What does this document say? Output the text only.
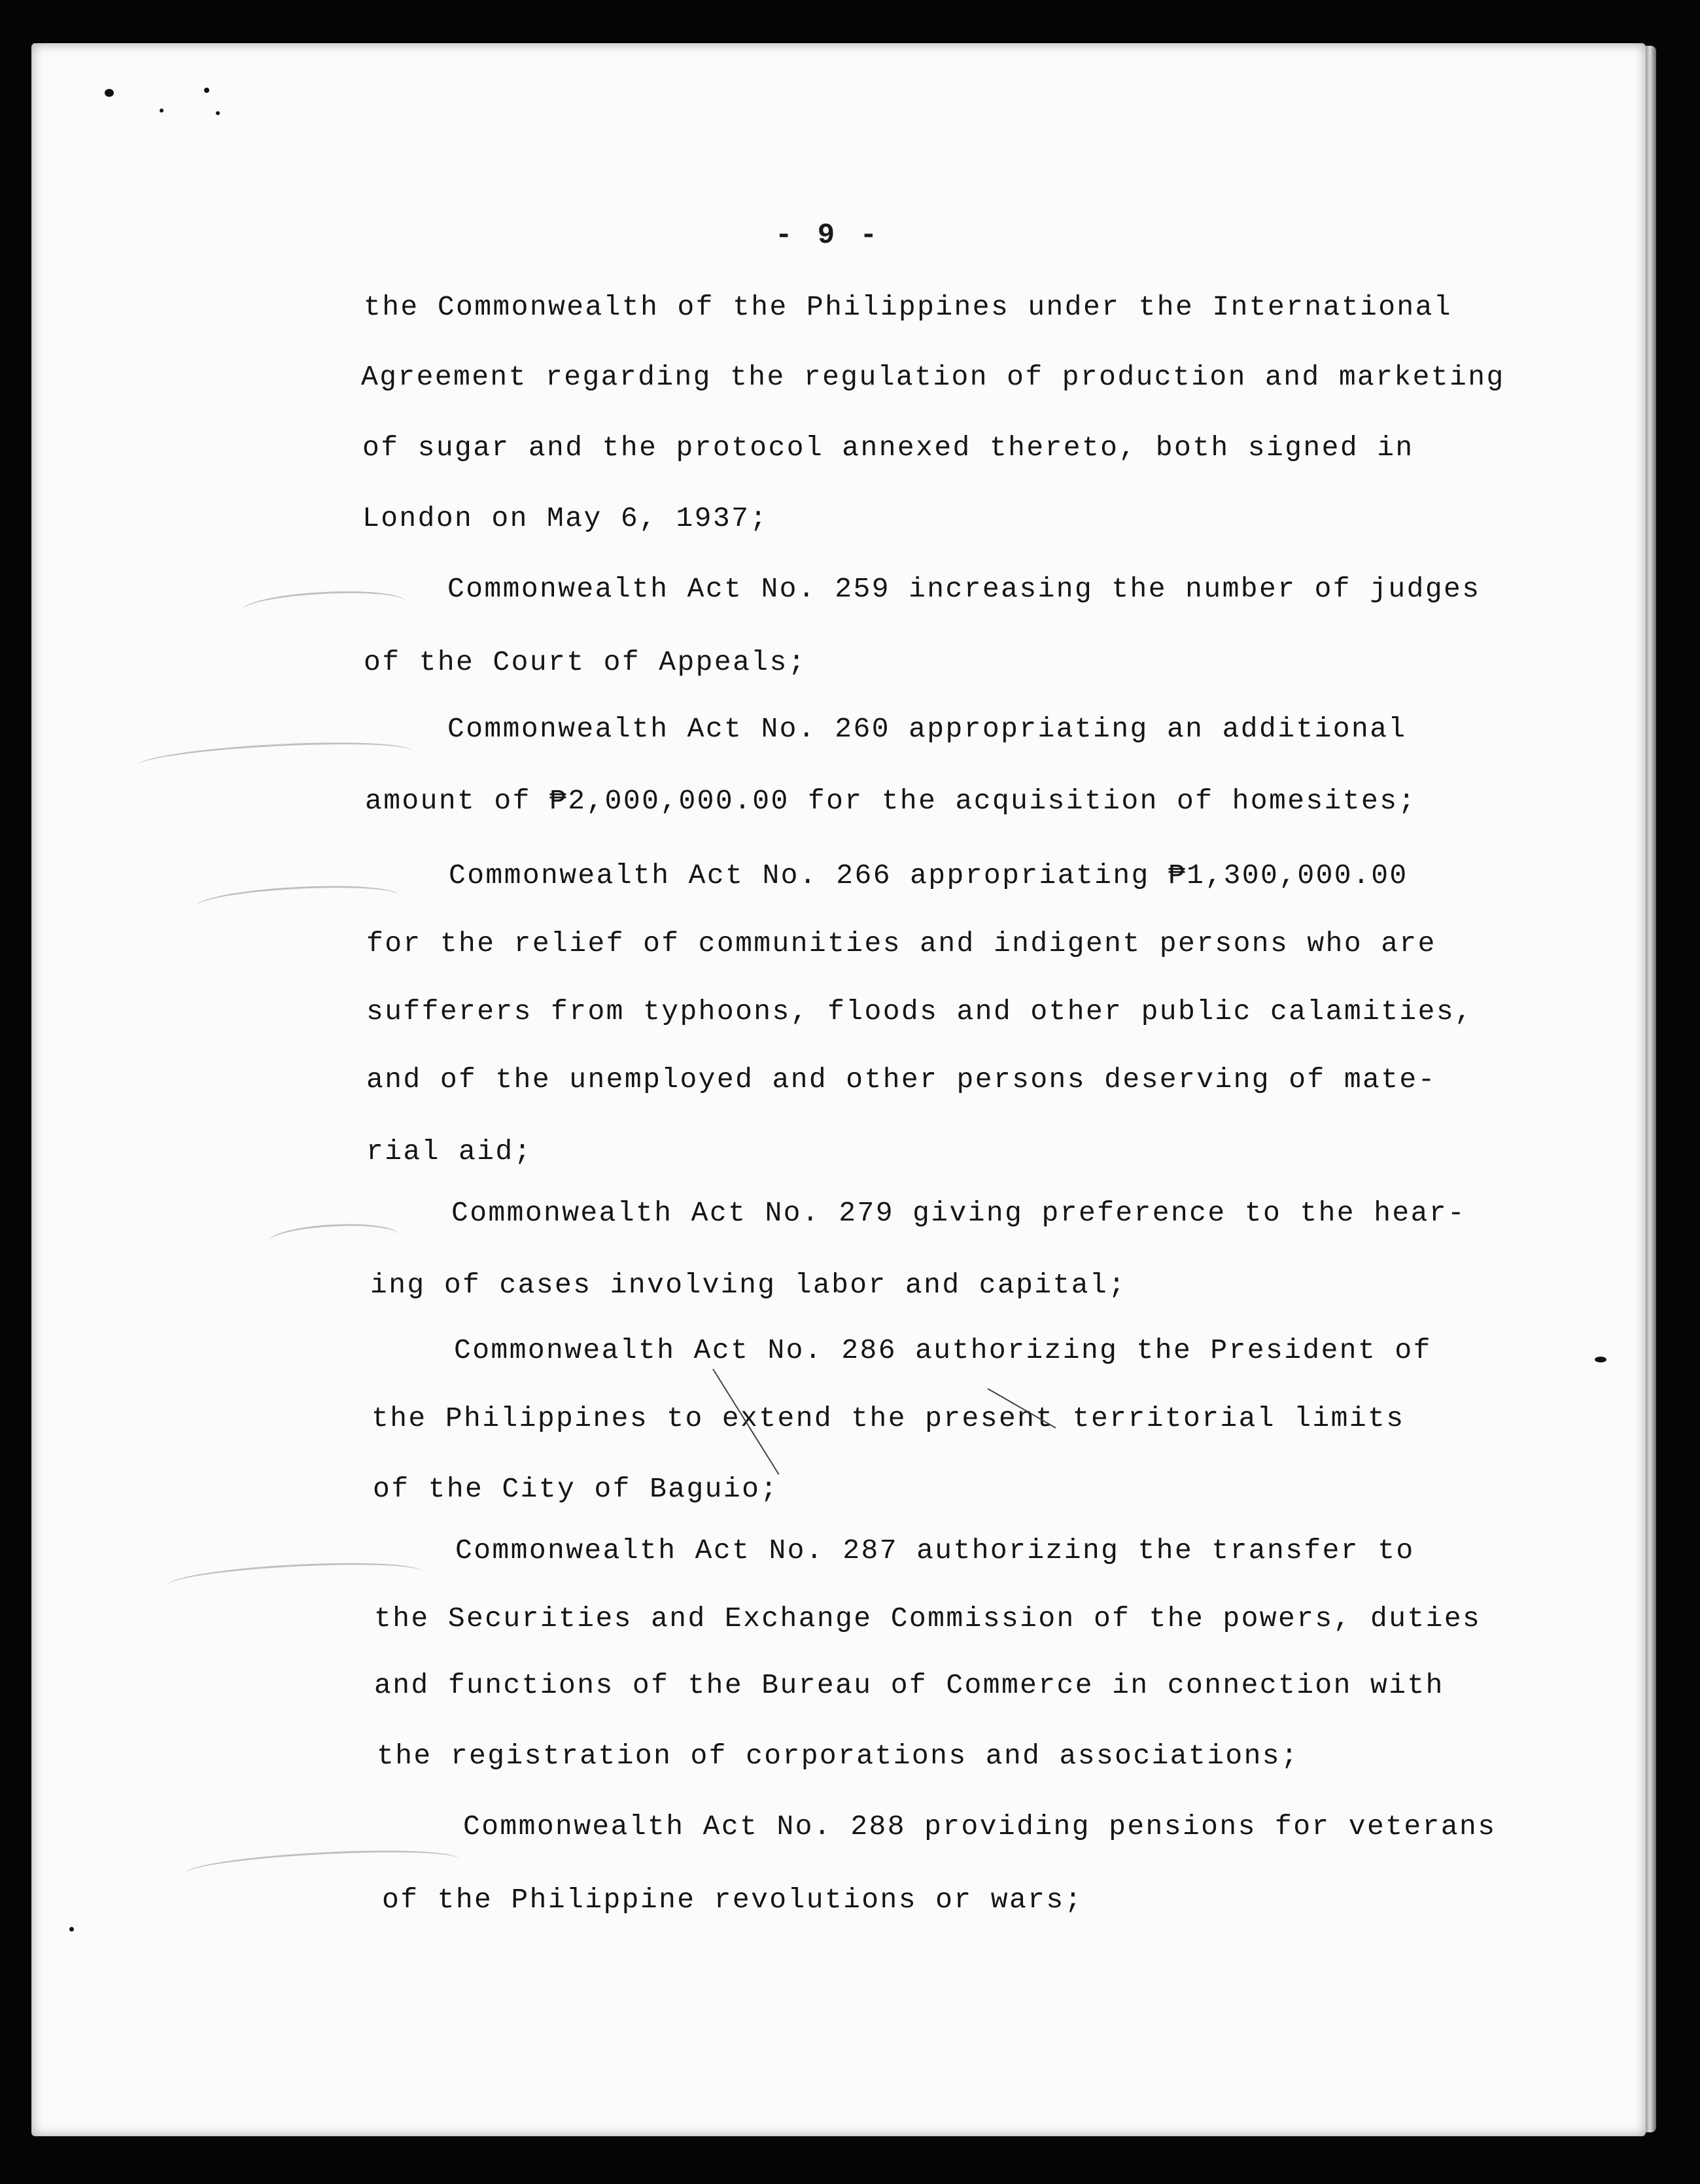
- 9 -
the Commonwealth of the Philippines under the International
Agreement regarding the regulation of production and marketing
of sugar and the protocol annexed thereto, both signed in
London on May 6, 1937;
Commonwealth Act No. 259 increasing the number of judges
of the Court of Appeals;
Commonwealth Act No. 260 appropriating an additional
amount of ₱2,000,000.00 for the acquisition of homesites;
Commonwealth Act No. 266 appropriating ₱1,300,000.00
for the relief of communities and indigent persons who are
sufferers from typhoons, floods and other public calamities,
and of the unemployed and other persons deserving of mate-
rial aid;
Commonwealth Act No. 279 giving preference to the hear-
ing of cases involving labor and capital;
Commonwealth Act No. 286 authorizing the President of
the Philippines to extend the present territorial limits
of the City of Baguio;
Commonwealth Act No. 287 authorizing the transfer to
the Securities and Exchange Commission of the powers, duties
and functions of the Bureau of Commerce in connection with
the registration of corporations and associations;
Commonwealth Act No. 288 providing pensions for veterans
of the Philippine revolutions or wars;
